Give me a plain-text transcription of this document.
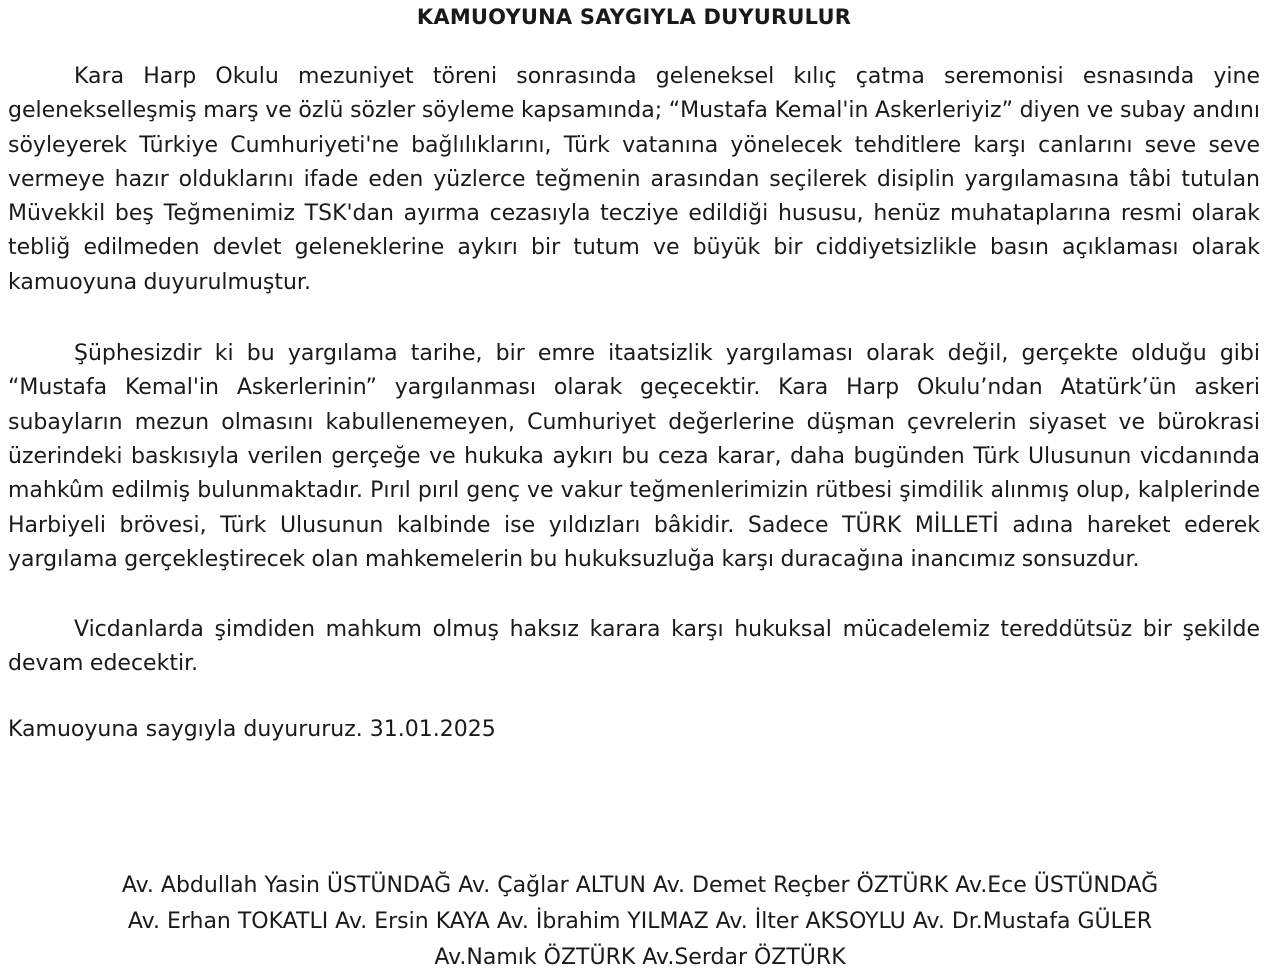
KAMUOYUNA SAYGIYLA DUYURULUR

Kara Harp Okulu mezuniyet töreni sonrasında geleneksel kılıç çatma seremonisi esnasında yine gelenekselleşmiş marş ve özlü sözler söyleme kapsamında; “Mustafa Kemal'in Askerleriyiz” diyen ve subay andını söyleyerek Türkiye Cumhuriyeti'ne bağlılıklarını, Türk vatanına yönelecek tehditlere karşı canlarını seve seve vermeye hazır olduklarını ifade eden yüzlerce teğmenin arasından seçilerek disiplin yargılamasına tâbi tutulan Müvekkil beş Teğmenimiz TSK'dan ayırma cezasıyla tecziye edildiği hususu, henüz muhataplarına resmi olarak tebliğ edilmeden devlet geleneklerine aykırı bir tutum ve büyük bir ciddiyetsizlikle basın açıklaması olarak kamuoyuna duyurulmuştur.

Şüphesizdir ki bu yargılama tarihe, bir emre itaatsizlik yargılaması olarak değil, gerçekte olduğu gibi “Mustafa Kemal'in Askerlerinin” yargılanması olarak geçecektir. Kara Harp Okulu’ndan Atatürk’ün askeri subayların mezun olmasını kabullenemeyen, Cumhuriyet değerlerine düşman çevrelerin siyaset ve bürokrasi üzerindeki baskısıyla verilen gerçeğe ve hukuka aykırı bu ceza karar, daha bugünden Türk Ulusunun vicdanında mahkûm edilmiş bulunmaktadır. Pırıl pırıl genç ve vakur teğmenlerimizin rütbesi şimdilik alınmış olup, kalplerinde Harbiyeli brövesi, Türk Ulusunun kalbinde ise yıldızları bâkidir. Sadece TÜRK MİLLETİ adına hareket ederek yargılama gerçekleştirecek olan mahkemelerin bu hukuksuzluğa karşı duracağına inancımız sonsuzdur.

Vicdanlarda şimdiden mahkum olmuş haksız karara karşı hukuksal mücadelemiz tereddütsüz bir şekilde devam edecektir.

Kamuoyuna saygıyla duyururuz. 31.01.2025

Av. Abdullah Yasin ÜSTÜNDAĞ Av. Çağlar ALTUN Av. Demet Reçber ÖZTÜRK Av.Ece ÜSTÜNDAĞ
Av. Erhan TOKATLI Av. Ersin KAYA Av. İbrahim YILMAZ Av. İlter AKSOYLU Av. Dr.Mustafa GÜLER
Av.Namık ÖZTÜRK Av.Serdar ÖZTÜRK
